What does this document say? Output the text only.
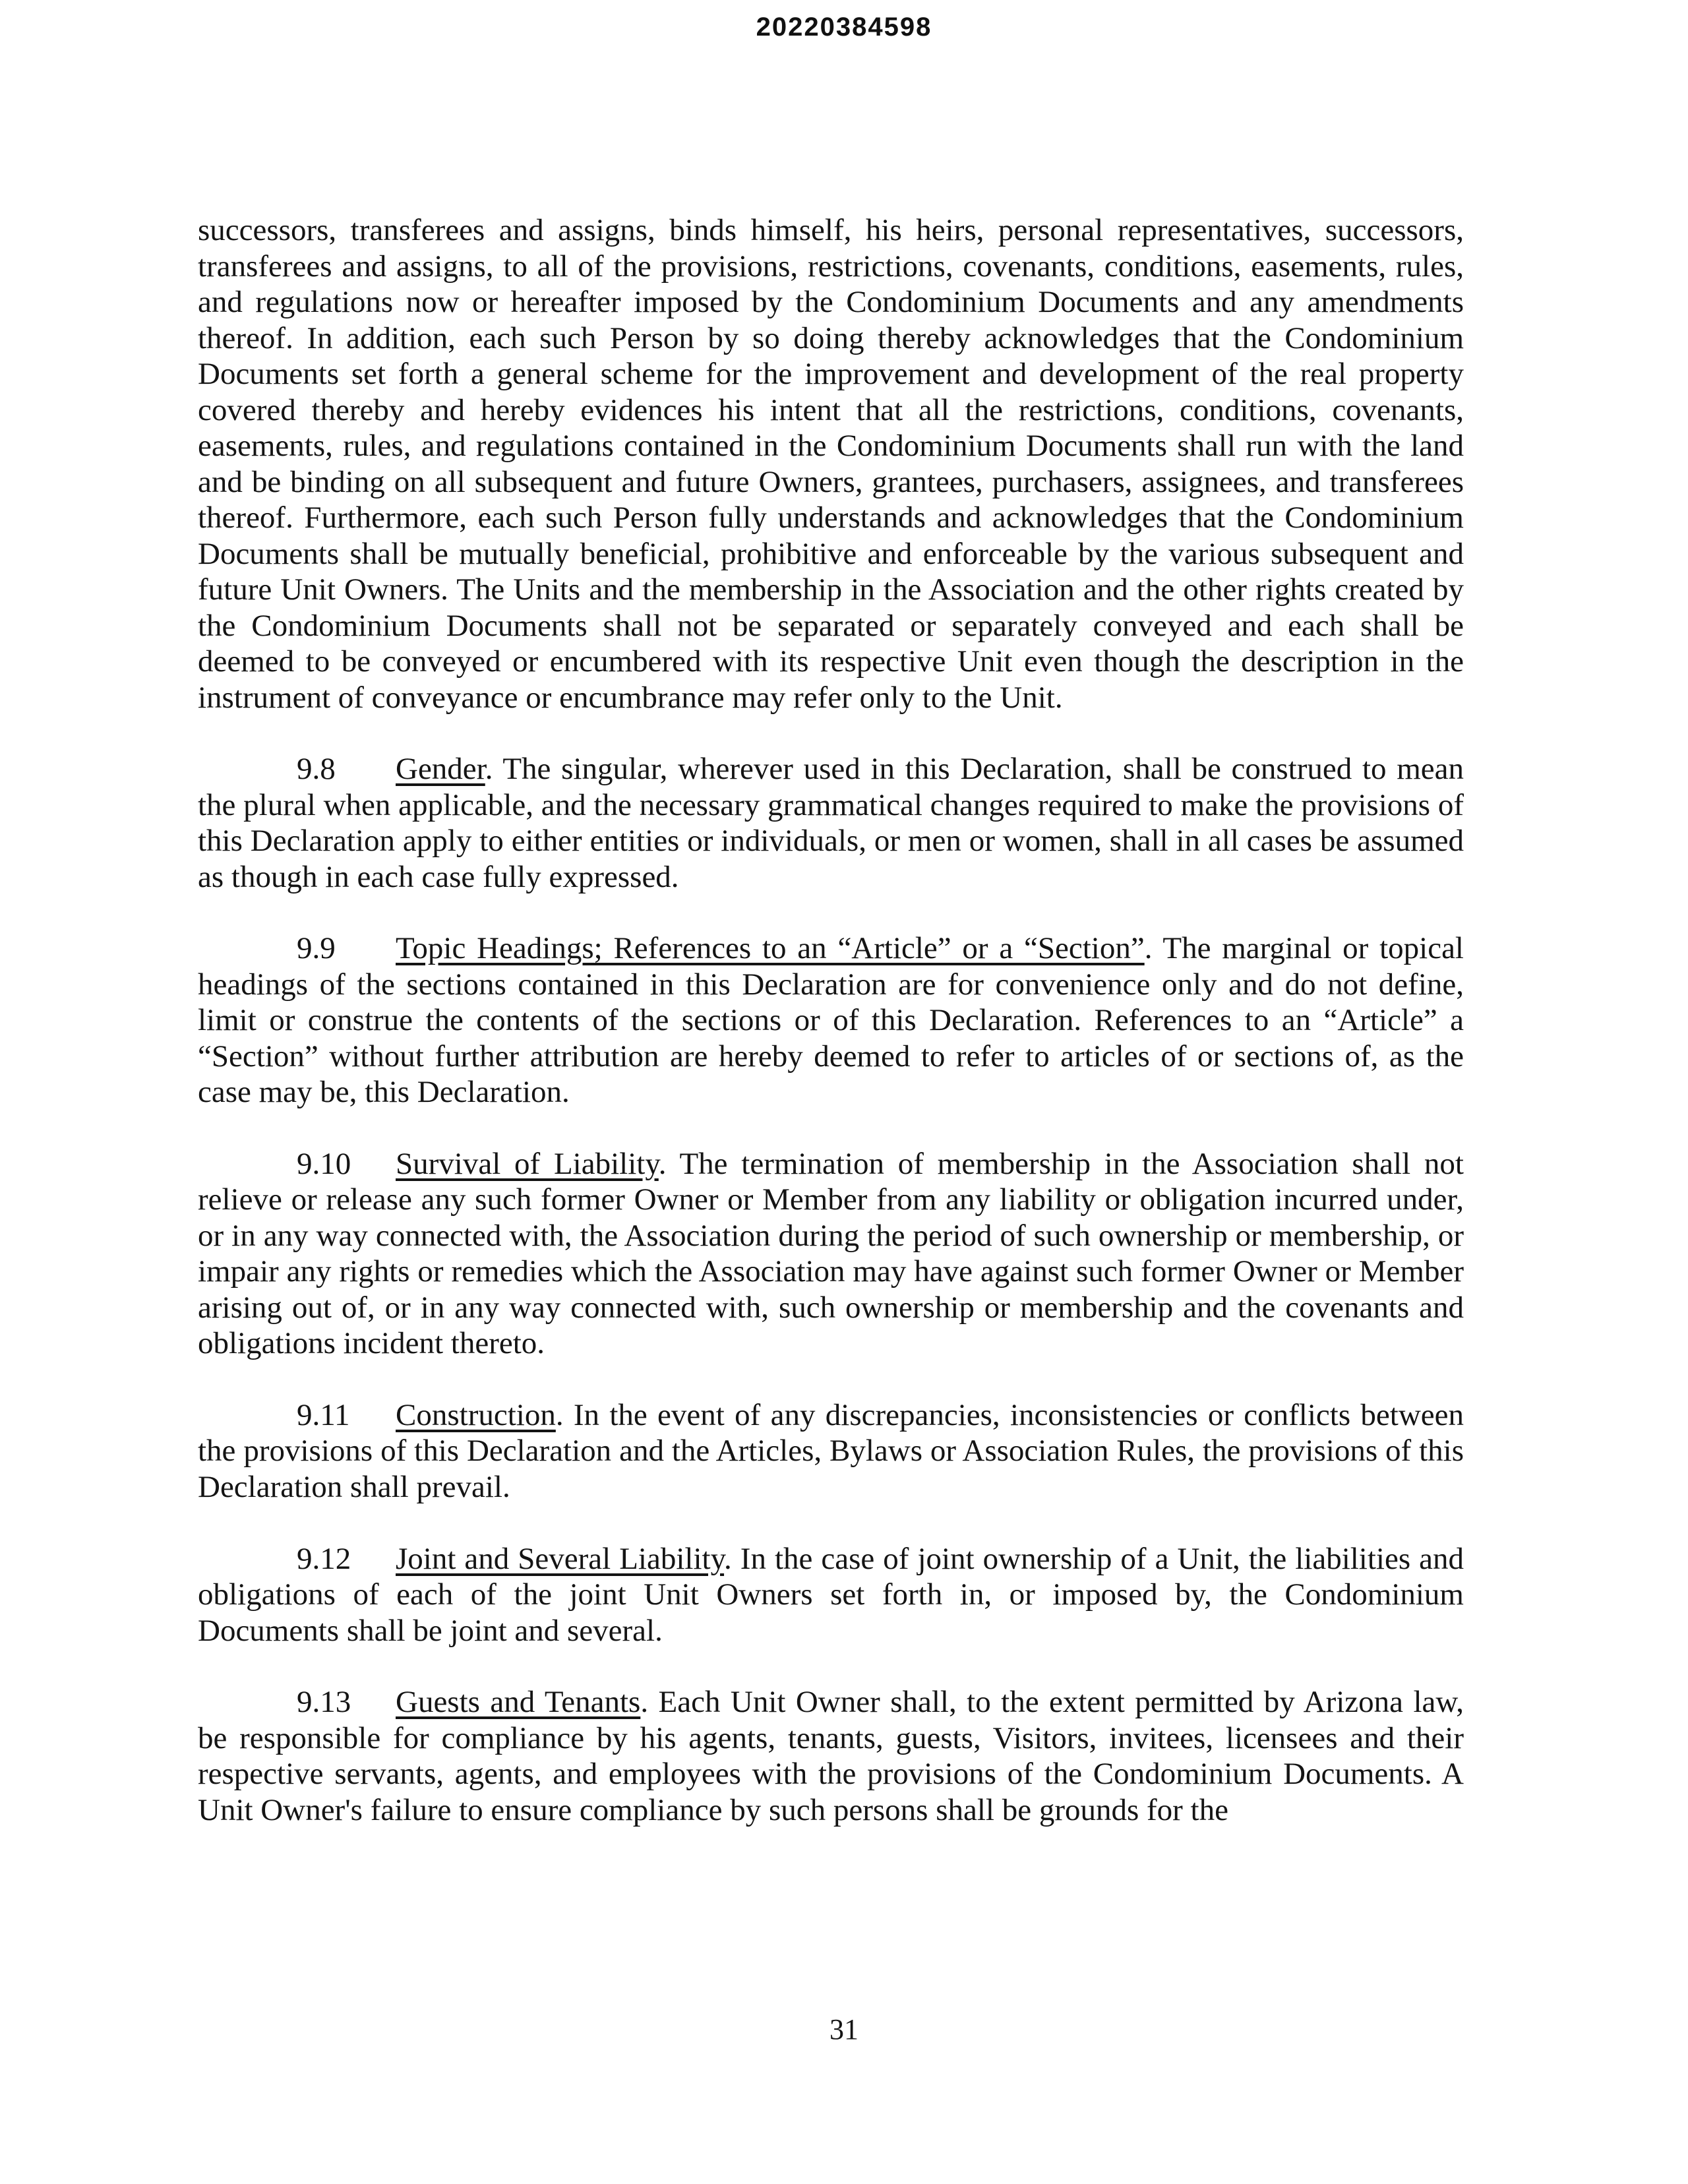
20220384598

successors, transferees and assigns, binds himself, his heirs, personal representatives, successors, transferees and assigns, to all of the provisions, restrictions, covenants, conditions, easements, rules, and regulations now or hereafter imposed by the Condominium Documents and any amendments thereof. In addition, each such Person by so doing thereby acknowledges that the Condominium Documents set forth a general scheme for the improvement and development of the real property covered thereby and hereby evidences his intent that all the restrictions, conditions, covenants, easements, rules, and regulations contained in the Condominium Documents shall run with the land and be binding on all subsequent and future Owners, grantees, purchasers, assignees, and transferees thereof. Furthermore, each such Person fully understands and acknowledges that the Condominium Documents shall be mutually beneficial, prohibitive and enforceable by the various subsequent and future Unit Owners. The Units and the membership in the Association and the other rights created by the Condominium Documents shall not be separated or separately conveyed and each shall be deemed to be conveyed or encumbered with its respective Unit even though the description in the instrument of conveyance or encumbrance may refer only to the Unit.

9.8 Gender. The singular, wherever used in this Declaration, shall be construed to mean the plural when applicable, and the necessary grammatical changes required to make the provisions of this Declaration apply to either entities or individuals, or men or women, shall in all cases be assumed as though in each case fully expressed.

9.9 Topic Headings; References to an “Article” or a “Section”. The marginal or topical headings of the sections contained in this Declaration are for convenience only and do not define, limit or construe the contents of the sections or of this Declaration. References to an “Article” a “Section” without further attribution are hereby deemed to refer to articles of or sections of, as the case may be, this Declaration.

9.10 Survival of Liability. The termination of membership in the Association shall not relieve or release any such former Owner or Member from any liability or obligation incurred under, or in any way connected with, the Association during the period of such ownership or membership, or impair any rights or remedies which the Association may have against such former Owner or Member arising out of, or in any way connected with, such ownership or membership and the covenants and obligations incident thereto.

9.11 Construction. In the event of any discrepancies, inconsistencies or conflicts between the provisions of this Declaration and the Articles, Bylaws or Association Rules, the provisions of this Declaration shall prevail.

9.12 Joint and Several Liability. In the case of joint ownership of a Unit, the liabilities and obligations of each of the joint Unit Owners set forth in, or imposed by, the Condominium Documents shall be joint and several.

9.13 Guests and Tenants. Each Unit Owner shall, to the extent permitted by Arizona law, be responsible for compliance by his agents, tenants, guests, Visitors, invitees, licensees and their respective servants, agents, and employees with the provisions of the Condominium Documents. A Unit Owner's failure to ensure compliance by such persons shall be grounds for the

31
